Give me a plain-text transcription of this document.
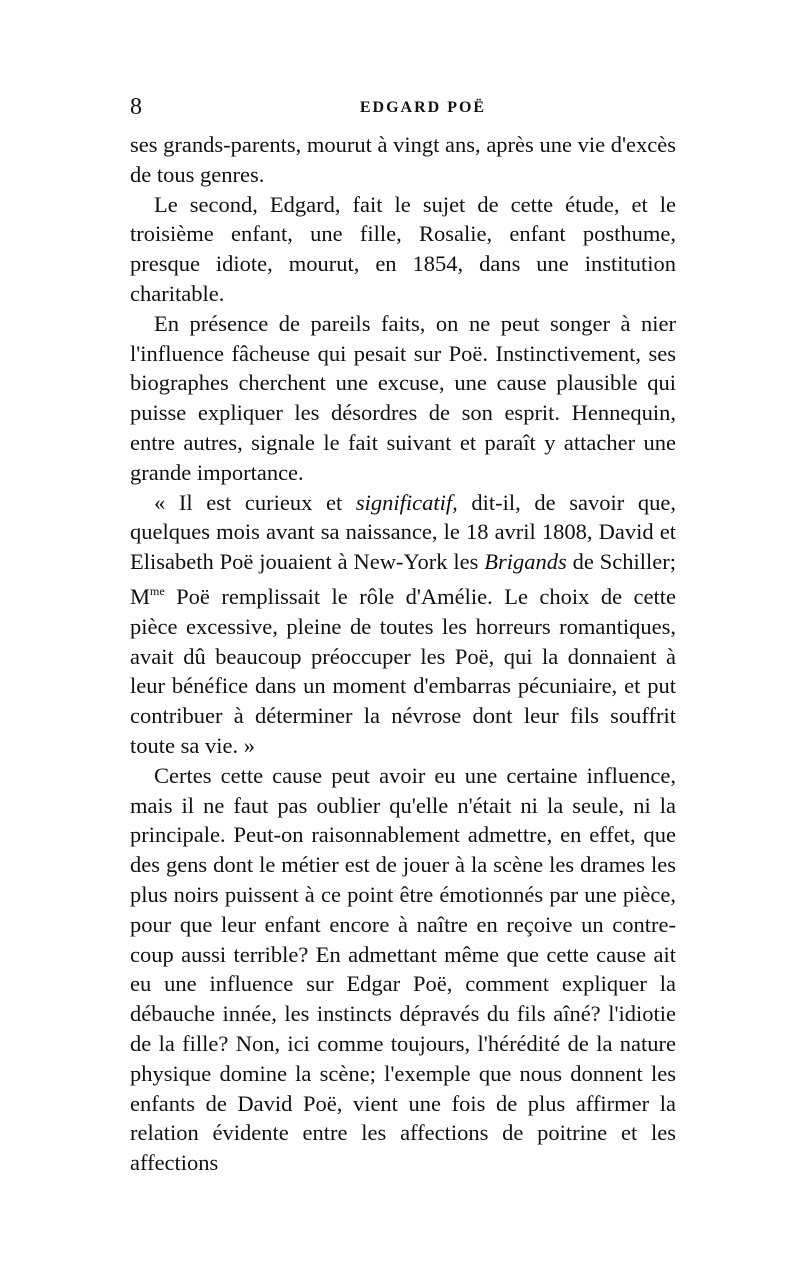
8	EDGARD POË

ses grands-parents, mourut à vingt ans, après une vie d'excès de tous genres.

Le second, Edgard, fait le sujet de cette étude, et le troisième enfant, une fille, Rosalie, enfant posthume, presque idiote, mourut, en 1854, dans une institution charitable.

En présence de pareils faits, on ne peut songer à nier l'influence fâcheuse qui pesait sur Poë. Instinctivement, ses biographes cherchent une excuse, une cause plausible qui puisse expliquer les désordres de son esprit. Hennequin, entre autres, signale le fait suivant et paraît y attacher une grande importance.

« Il est curieux et significatif, dit-il, de savoir que, quelques mois avant sa naissance, le 18 avril 1808, David et Elisabeth Poë jouaient à New-York les Brigands de Schiller; $M^{me}$ Poë remplissait le rôle d'Amélie. Le choix de cette pièce excessive, pleine de toutes les horreurs romantiques, avait dû beaucoup préoccuper les Poë, qui la donnaient à leur bénéfice dans un moment d'embarras pécuniaire, et put contribuer à déterminer la névrose dont leur fils souffrit toute sa vie. »

Certes cette cause peut avoir eu une certaine influence, mais il ne faut pas oublier qu'elle n'était ni la seule, ni la principale. Peut-on raisonnablement admettre, en effet, que des gens dont le métier est de jouer à la scène les drames les plus noirs puissent à ce point être émotionnés par une pièce, pour que leur enfant encore à naître en reçoive un contre-coup aussi terrible? En admettant même que cette cause ait eu une influence sur Edgar Poë, comment expliquer la débauche innée, les instincts dépravés du fils aîné? l'idiotie de la fille? Non, ici comme toujours, l'hérédité de la nature physique domine la scène; l'exemple que nous donnent les enfants de David Poë, vient une fois de plus affirmer la relation évidente entre les affections de poitrine et les affections
